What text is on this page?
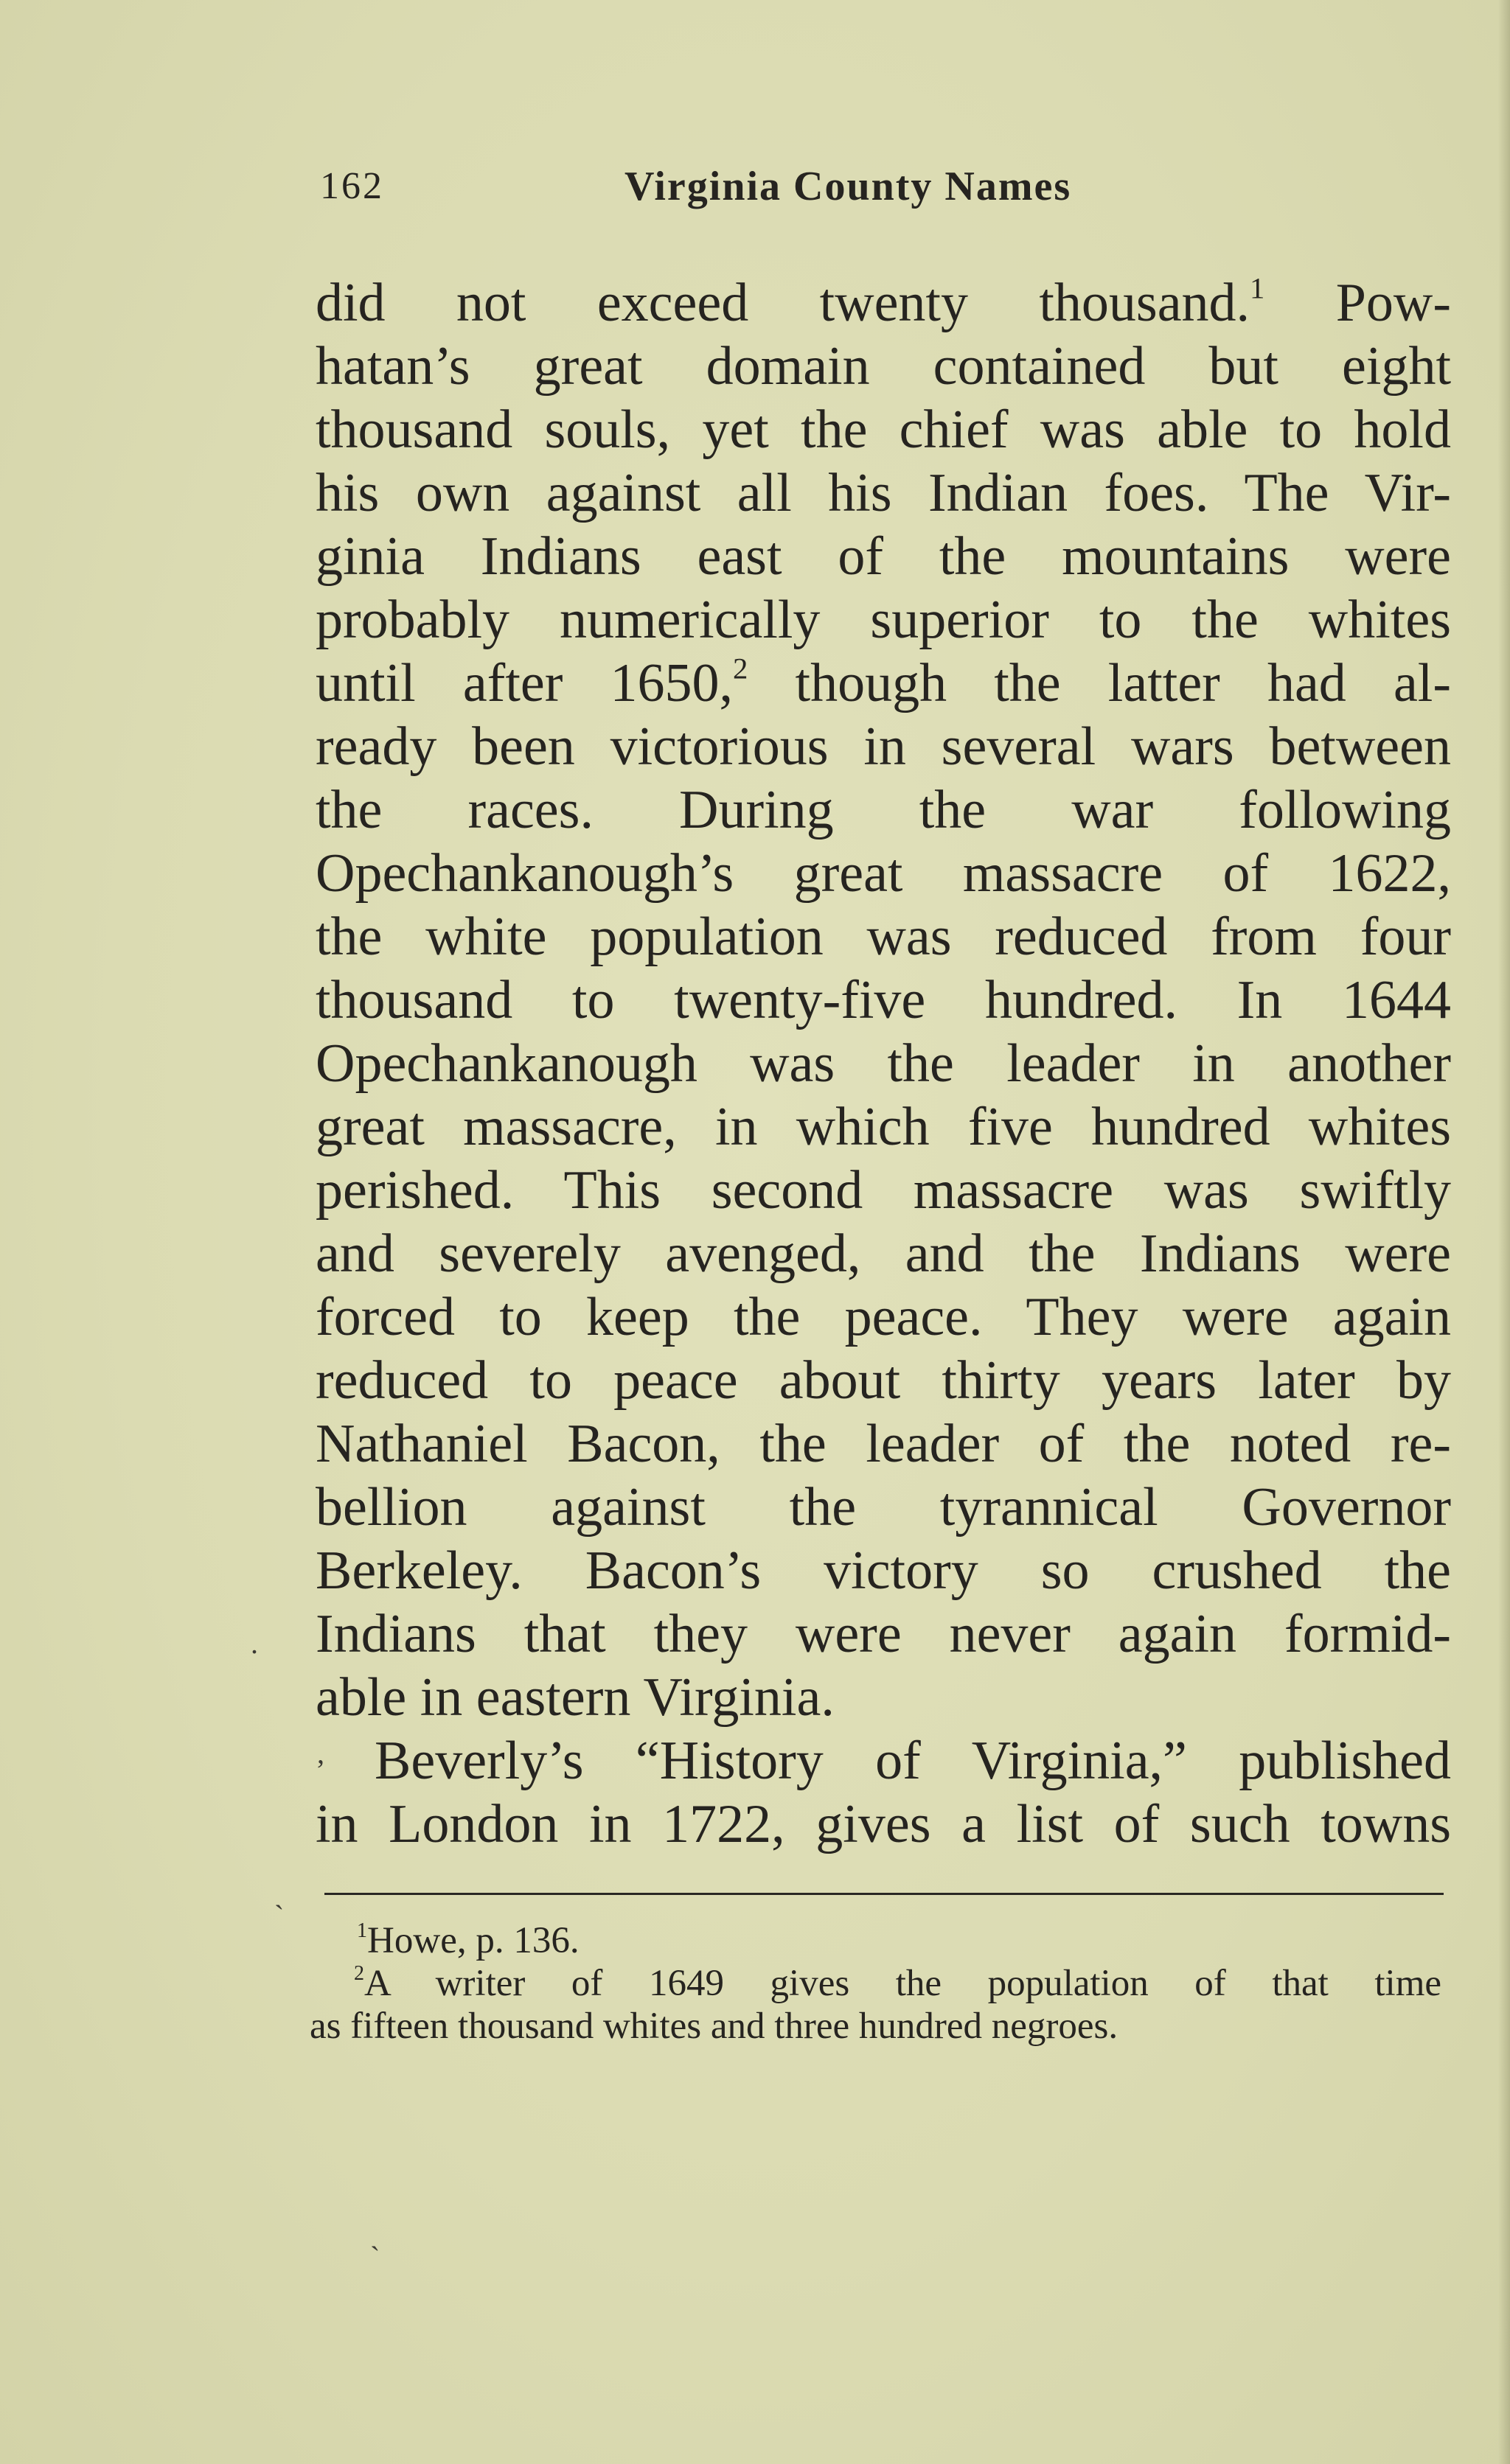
162	Virginia County Names
did not exceed twenty thousand.$^1$ Pow-
hatan’s great domain contained but eight
thousand souls, yet the chief was able to hold
his own against all his Indian foes. The Vir-
ginia Indians east of the mountains were
probably numerically superior to the whites
until after 1650,$^2$ though the latter had al-
ready been victorious in several wars between
the races. During the war following
Opechankanough’s great massacre of 1622,
the white population was reduced from four
thousand to twenty-five hundred. In 1644
Opechankanough was the leader in another
great massacre, in which five hundred whites
perished. This second massacre was swiftly
and severely avenged, and the Indians were
forced to keep the peace. They were again
reduced to peace about thirty years later by
Nathaniel Bacon, the leader of the noted re-
bellion against the tyrannical Governor
Berkeley. Bacon’s victory so crushed the
Indians that they were never again formid-
able in eastern Virginia.
Beverly’s “History of Virginia,” published
in London in 1722, gives a list of such towns
$^1$Howe, p. 136.
$^2$A writer of 1649 gives the population of that time
as fifteen thousand whites and three hundred negroes.
.
ʼ
ˎ
ˏ
